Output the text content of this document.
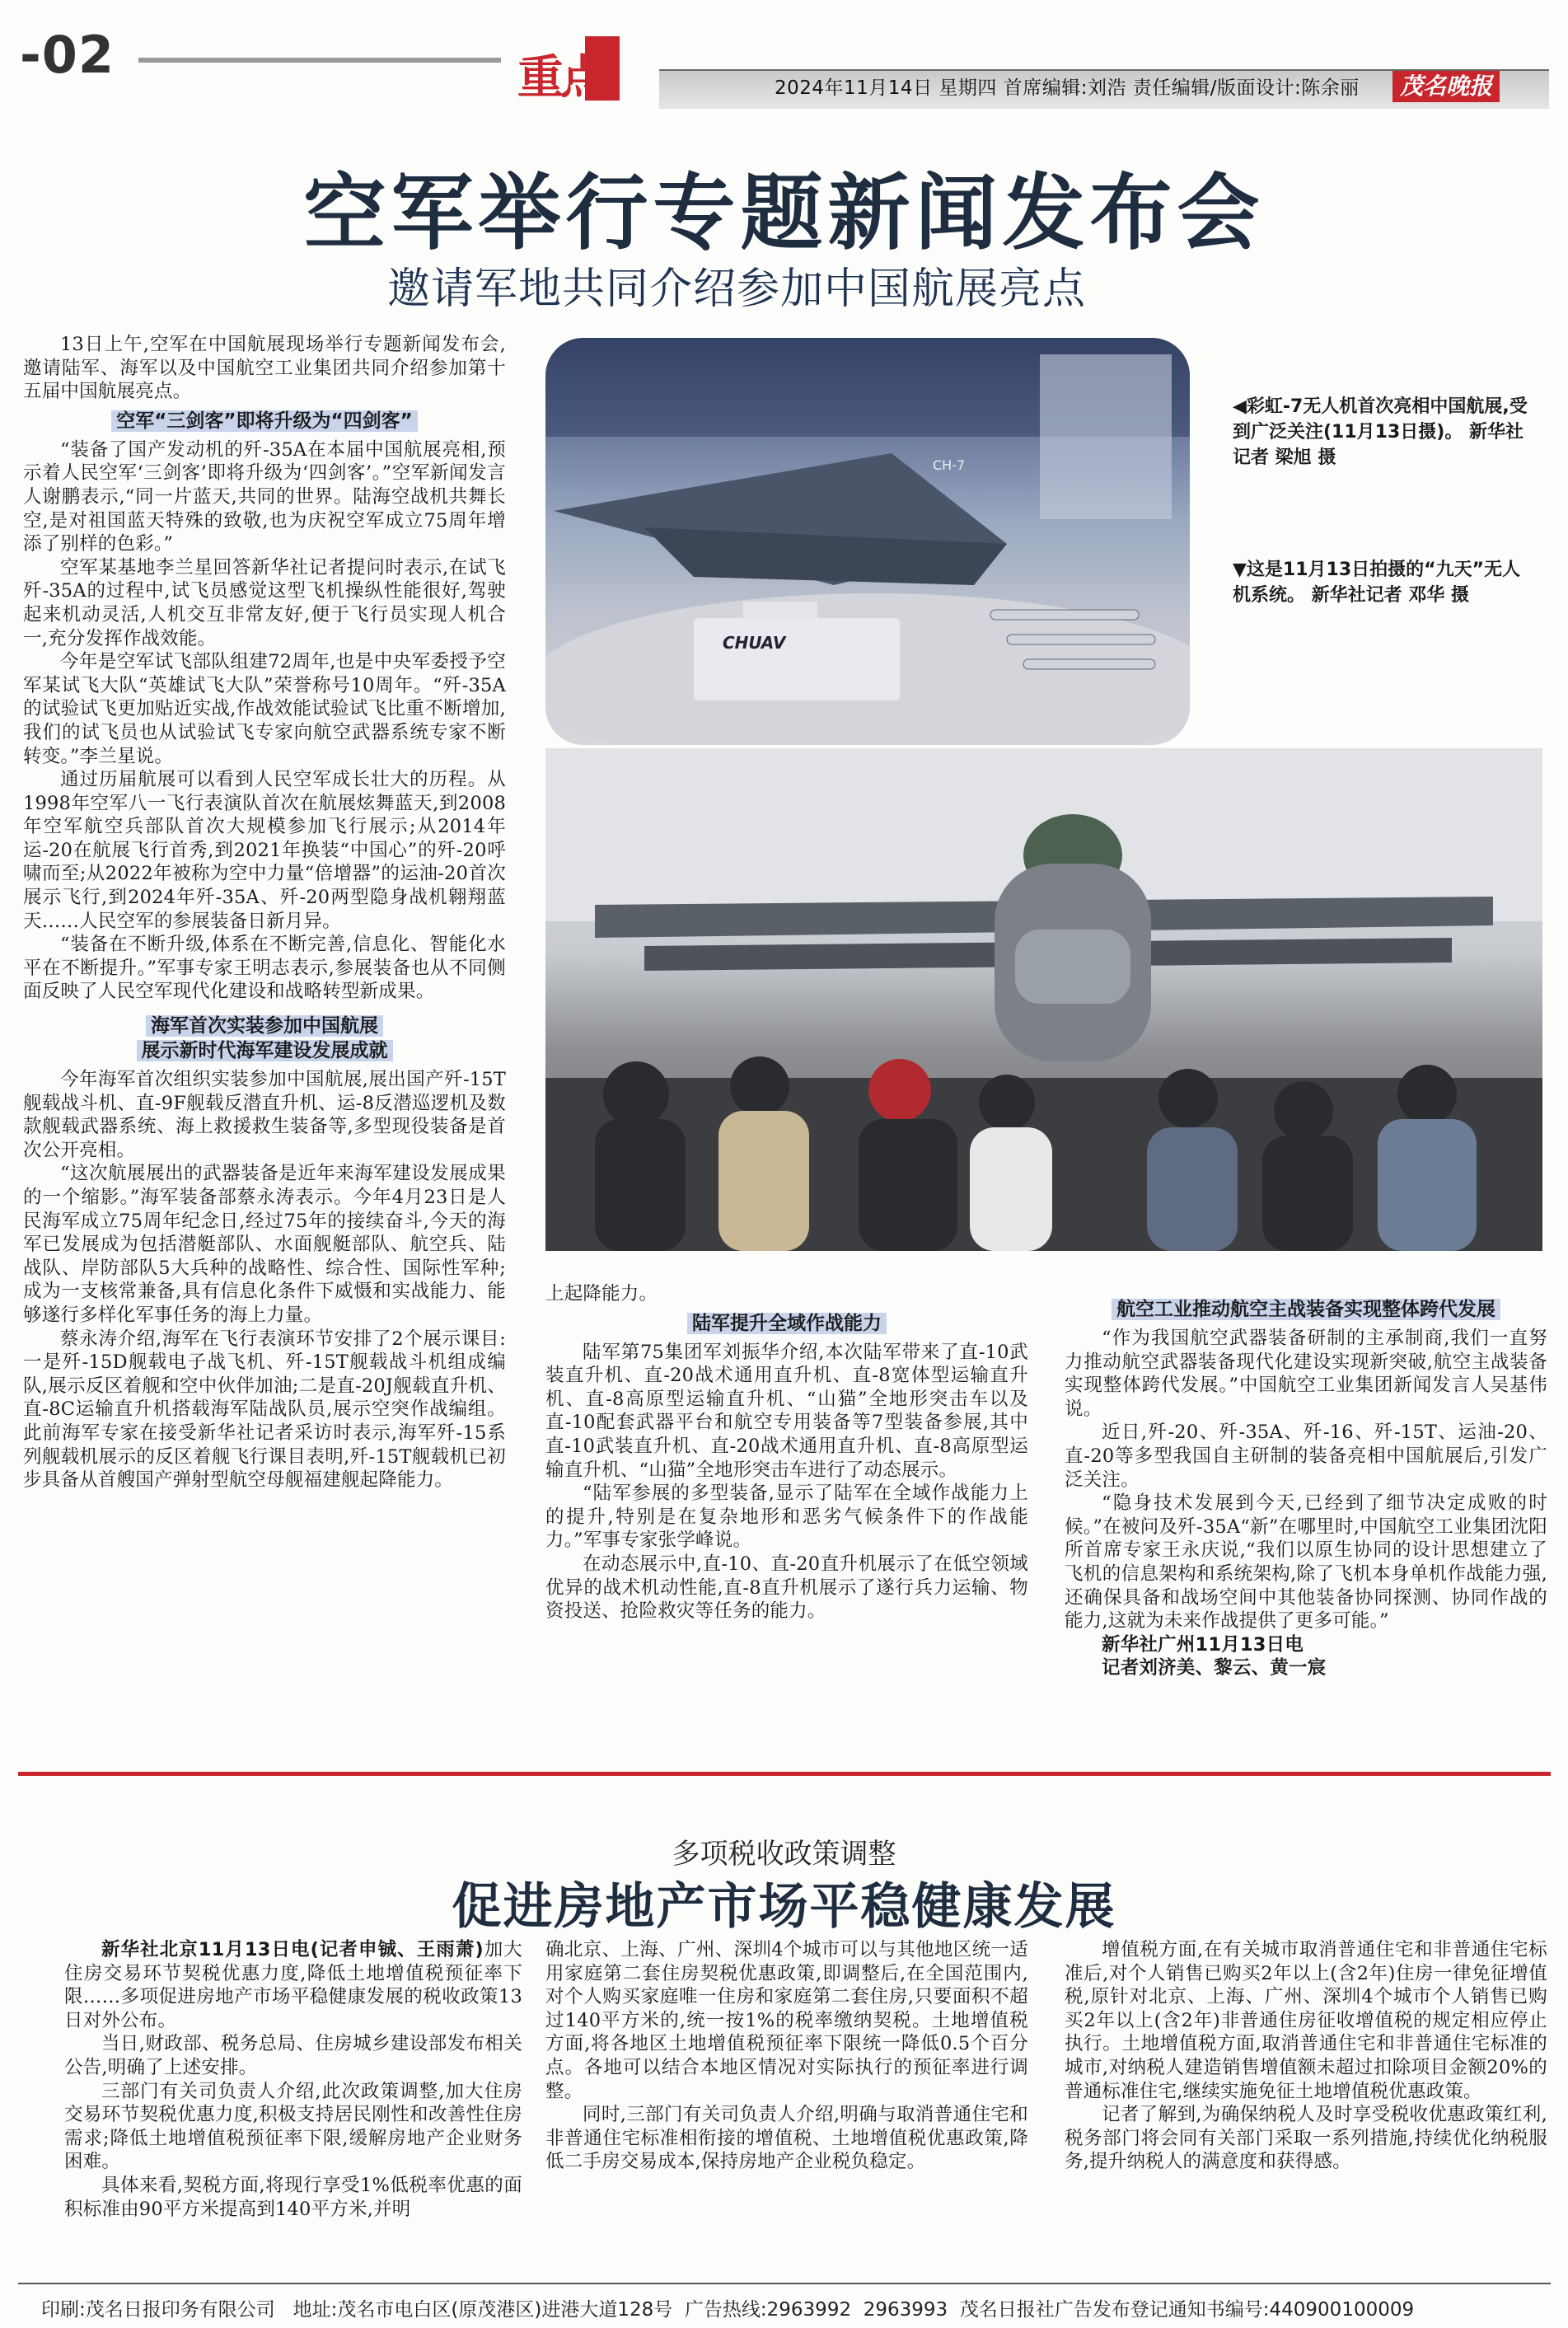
-02	重点	2024年11月14日 星期四 首席编辑:刘浩 责任编辑/版面设计:陈余丽	茂名晚报
空军举行专题新闻发布会
邀请军地共同介绍参加中国航展亮点

13日上午,空军在中国航展现场举行专题新闻发布会,邀请陆军、海军以及中国航空工业集团共同介绍参加第十五届中国航展亮点。

空军“三剑客”即将升级为“四剑客”

“装备了国产发动机的歼-35A在本届中国航展亮相,预示着人民空军‘三剑客’即将升级为‘四剑客’。”空军新闻发言人谢鹏表示,“同一片蓝天,共同的世界。陆海空战机共舞长空,是对祖国蓝天特殊的致敬,也为庆祝空军成立75周年增添了别样的色彩。”

空军某基地李兰星回答新华社记者提问时表示,在试飞歼-35A的过程中,试飞员感觉这型飞机操纵性能很好,驾驶起来机动灵活,人机交互非常友好,便于飞行员实现人机合一,充分发挥作战效能。

今年是空军试飞部队组建72周年,也是中央军委授予空军某试飞大队“英雄试飞大队”荣誉称号10周年。“歼-35A的试验试飞更加贴近实战,作战效能试验试飞比重不断增加,我们的试飞员也从试验试飞专家向航空武器系统专家不断转变。”李兰星说。

通过历届航展可以看到人民空军成长壮大的历程。从1998年空军八一飞行表演队首次在航展炫舞蓝天,到2008年空军航空兵部队首次大规模参加飞行展示;从2014年运-20在航展飞行首秀,到2021年换装“中国心”的歼-20呼啸而至;从2022年被称为空中力量“倍增器”的运油-20首次展示飞行,到2024年歼-35A、歼-20两型隐身战机翱翔蓝天……人民空军的参展装备日新月异。

“装备在不断升级,体系在不断完善,信息化、智能化水平在不断提升。”军事专家王明志表示,参展装备也从不同侧面反映了人民空军现代化建设和战略转型新成果。

海军首次实装参加中国航展
展示新时代海军建设发展成就

今年海军首次组织实装参加中国航展,展出国产歼-15T舰载战斗机、直-9F舰载反潜直升机、运-8反潜巡逻机及数款舰载武器系统、海上救援救生装备等,多型现役装备是首次公开亮相。

“这次航展展出的武器装备是近年来海军建设发展成果的一个缩影。”海军装备部蔡永涛表示。今年4月23日是人民海军成立75周年纪念日,经过75年的接续奋斗,今天的海军已发展成为包括潜艇部队、水面舰艇部队、航空兵、陆战队、岸防部队5大兵种的战略性、综合性、国际性军种;成为一支核常兼备,具有信息化条件下威慑和实战能力、能够遂行多样化军事任务的海上力量。

蔡永涛介绍,海军在飞行表演环节安排了2个展示课目:一是歼-15D舰载电子战飞机、歼-15T舰载战斗机组成编队,展示反区着舰和空中伙伴加油;二是直-20J舰载直升机、直-8C运输直升机搭载海军陆战队员,展示空突作战编组。此前海军专家在接受新华社记者采访时表示,海军歼-15系列舰载机展示的反区着舰飞行课目表明,歼-15T舰载机已初步具备从首艘国产弹射型航空母舰福建舰起降能力。

CHUAV
CH-7
◀彩虹-7无人机首次亮相中国航展,受到广泛关注(11月13日摄)。 新华社记者 梁旭 摄
▼这是11月13日拍摄的“九天”无人机系统。 新华社记者 邓华 摄

上起降能力。

陆军提升全域作战能力

陆军第75集团军刘振华介绍,本次陆军带来了直-10武装直升机、直-20战术通用直升机、直-8宽体型运输直升机、直-8高原型运输直升机、“山猫”全地形突击车以及直-10配套武器平台和航空专用装备等7型装备参展,其中直-10武装直升机、直-20战术通用直升机、直-8高原型运输直升机、“山猫”全地形突击车进行了动态展示。

“陆军参展的多型装备,显示了陆军在全域作战能力上的提升,特别是在复杂地形和恶劣气候条件下的作战能力。”军事专家张学峰说。

在动态展示中,直-10、直-20直升机展示了在低空领域优异的战术机动性能,直-8直升机展示了遂行兵力运输、物资投送、抢险救灾等任务的能力。

航空工业推动航空主战装备实现整体跨代发展

“作为我国航空武器装备研制的主承制商,我们一直努力推动航空武器装备现代化建设实现新突破,航空主战装备实现整体跨代发展。”中国航空工业集团新闻发言人吴基伟说。

近日,歼-20、歼-35A、歼-16、歼-15T、运油-20、直-20等多型我国自主研制的装备亮相中国航展后,引发广泛关注。

“隐身技术发展到今天,已经到了细节决定成败的时候。”在被问及歼-35A“新”在哪里时,中国航空工业集团沈阳所首席专家王永庆说,“我们以原生协同的设计思想建立了飞机的信息架构和系统架构,除了飞机本身单机作战能力强,还确保具备和战场空间中其他装备协同探测、协同作战的能力,这就为未来作战提供了更多可能。”

新华社广州11月13日电

记者刘济美、黎云、黄一宸

多项税收政策调整
促进房地产市场平稳健康发展

新华社北京11月13日电(记者申铖、王雨萧)加大住房交易环节契税优惠力度,降低土地增值税预征率下限……多项促进房地产市场平稳健康发展的税收政策13日对外公布。

当日,财政部、税务总局、住房城乡建设部发布相关公告,明确了上述安排。

三部门有关司负责人介绍,此次政策调整,加大住房交易环节契税优惠力度,积极支持居民刚性和改善性住房需求;降低土地增值税预征率下限,缓解房地产企业财务困难。

具体来看,契税方面,将现行享受1%低税率优惠的面积标准由90平方米提高到140平方米,并明

确北京、上海、广州、深圳4个城市可以与其他地区统一适用家庭第二套住房契税优惠政策,即调整后,在全国范围内,对个人购买家庭唯一住房和家庭第二套住房,只要面积不超过140平方米的,统一按1%的税率缴纳契税。土地增值税方面,将各地区土地增值税预征率下限统一降低0.5个百分点。各地可以结合本地区情况对实际执行的预征率进行调整。

同时,三部门有关司负责人介绍,明确与取消普通住宅和非普通住宅标准相衔接的增值税、土地增值税优惠政策,降低二手房交易成本,保持房地产企业税负稳定。

增值税方面,在有关城市取消普通住宅和非普通住宅标准后,对个人销售已购买2年以上(含2年)住房一律免征增值税,原针对北京、上海、广州、深圳4个城市个人销售已购买2年以上(含2年)非普通住房征收增值税的规定相应停止执行。土地增值税方面,取消普通住宅和非普通住宅标准的城市,对纳税人建造销售增值额未超过扣除项目金额20%的普通标准住宅,继续实施免征土地增值税优惠政策。

记者了解到,为确保纳税人及时享受税收优惠政策红利,税务部门将会同有关部门采取一系列措施,持续优化纳税服务,提升纳税人的满意度和获得感。

印刷:茂名日报印务有限公司   地址:茂名市电白区(原茂港区)进港大道128号  广告热线:2963992  2963993  茂名日报社广告发布登记通知书编号:440900100009
